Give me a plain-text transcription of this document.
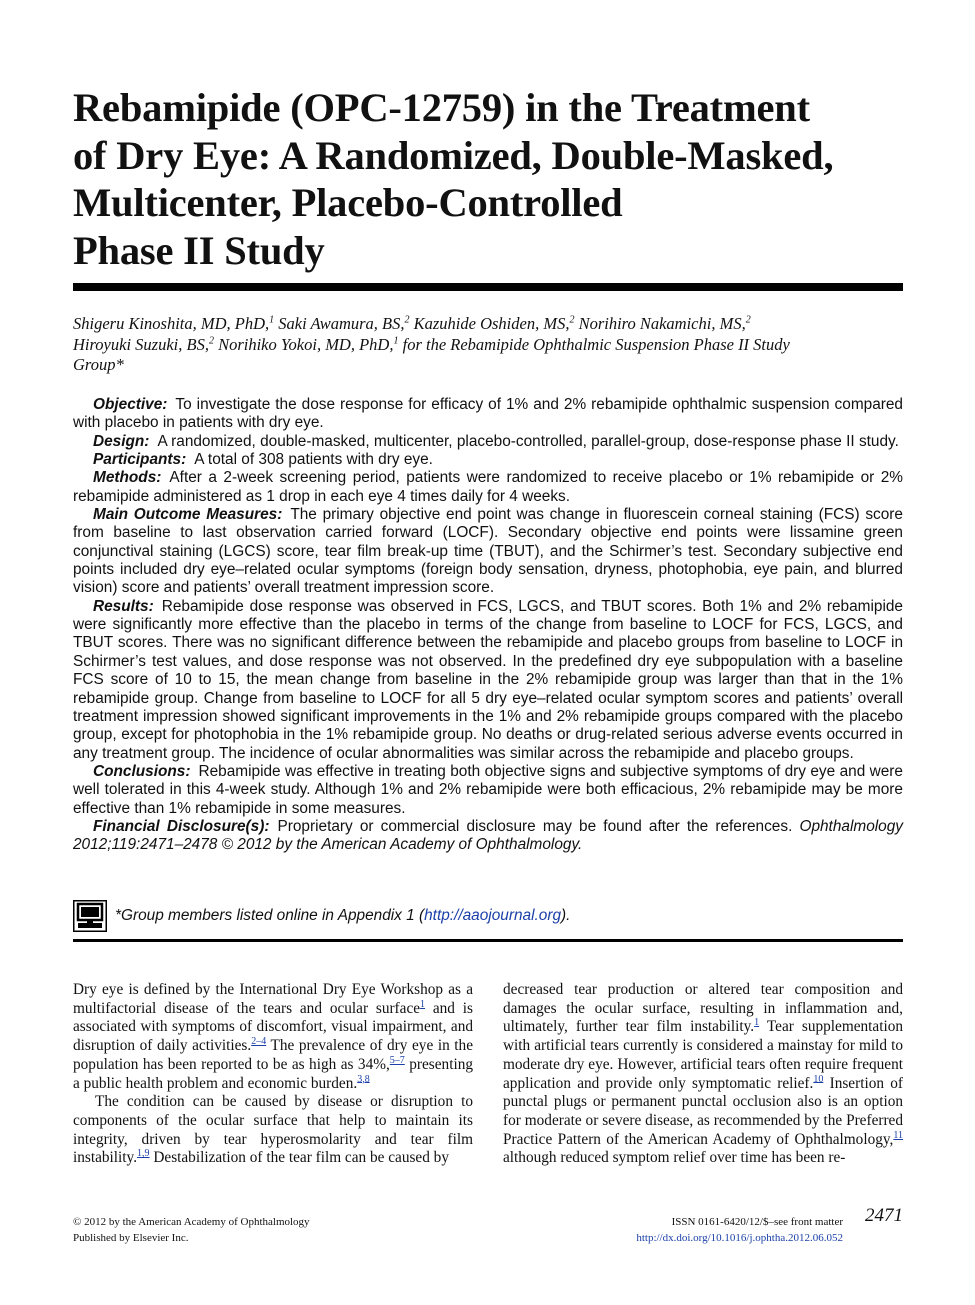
Rebamipide (OPC-12759) in the Treatment
of Dry Eye: A Randomized, Double-Masked,
Multicenter, Placebo-Controlled
Phase II Study
Shigeru Kinoshita, MD, PhD,$^1$ Saki Awamura, BS,$^2$ Kazuhide Oshiden, MS,$^2$ Norihiro Nakamichi, MS,$^2$
Hiroyuki Suzuki, BS,$^2$ Norihiko Yokoi, MD, PhD,$^1$ for the Rebamipide Ophthalmic Suspension Phase II Study
Group*

Objective: To investigate the dose response for efficacy of 1% and 2% rebamipide ophthalmic suspension compared with placebo in patients with dry eye.

Design: A randomized, double-masked, multicenter, placebo-controlled, parallel-group, dose-response phase II study.

Participants: A total of 308 patients with dry eye.

Methods: After a 2-week screening period, patients were randomized to receive placebo or 1% rebamipide or 2% rebamipide administered as 1 drop in each eye 4 times daily for 4 weeks.

Main Outcome Measures: The primary objective end point was change in fluorescein corneal staining (FCS) score from baseline to last observation carried forward (LOCF). Secondary objective end points were lissamine green conjunctival staining (LGCS) score, tear film break-up time (TBUT), and the Schirmer’s test. Secondary subjective end points included dry eye–related ocular symptoms (foreign body sensation, dryness, photophobia, eye pain, and blurred vision) score and patients’ overall treatment impression score.

Results: Rebamipide dose response was observed in FCS, LGCS, and TBUT scores. Both 1% and 2% rebamipide were significantly more effective than the placebo in terms of the change from baseline to LOCF for FCS, LGCS, and TBUT scores. There was no significant difference between the rebamipide and placebo groups from baseline to LOCF in Schirmer’s test values, and dose response was not observed. In the predefined dry eye subpopulation with a baseline FCS score of 10 to 15, the mean change from baseline in the 2% rebamipide group was larger than that in the 1% rebamipide group. Change from baseline to LOCF for all 5 dry eye–related ocular symptom scores and patients’ overall treatment impression showed significant improvements in the 1% and 2% rebamipide groups compared with the placebo group, except for photophobia in the 1% rebamipide group. No deaths or drug-related serious adverse events occurred in any treatment group. The incidence of ocular abnormalities was similar across the rebamipide and placebo groups.

Conclusions: Rebamipide was effective in treating both objective signs and subjective symptoms of dry eye and were well tolerated in this 4-week study. Although 1% and 2% rebamipide were both efficacious, 2% rebamipide may be more effective than 1% rebamipide in some measures.

Financial Disclosure(s): Proprietary or commercial disclosure may be found after the references. Ophthalmology 2012;119:2471–2478 © 2012 by the American Academy of Ophthalmology.

*Group members listed online in Appendix 1 (http://aaojournal.org).

Dry eye is defined by the International Dry Eye Workshop as a multifactorial disease of the tears and ocular surface$^1$ and is associated with symptoms of discomfort, visual impairment, and disruption of daily activities.$^{2-4}$ The prevalence of dry eye in the population has been reported to be as high as 34%,$^{5-7}$ presenting a public health problem and economic burden.$^{3,8}$

The condition can be caused by disease or disruption to components of the ocular surface that help to maintain its integrity, driven by tear hyperosmolarity and tear film instability.$^{1,9}$ Destabilization of the tear film can be caused by

decreased tear production or altered tear composition and damages the ocular surface, resulting in inflammation and, ultimately, further tear film instability.$^1$ Tear supplementation with artificial tears currently is considered a mainstay for mild to moderate dry eye. However, artificial tears often require frequent application and provide only symptomatic relief.$^{10}$ Insertion of punctal plugs or permanent punctal occlusion also is an option for moderate or severe disease, as recommended by the Preferred Practice Pattern of the American Academy of Ophthalmology,$^{11}$ although reduced symptom relief over time has been re-

© 2012 by the American Academy of Ophthalmology
Published by Elsevier Inc.
ISSN 0161-6420/12/$–see front matter
http://dx.doi.org/10.1016/j.ophtha.2012.06.052
2471
